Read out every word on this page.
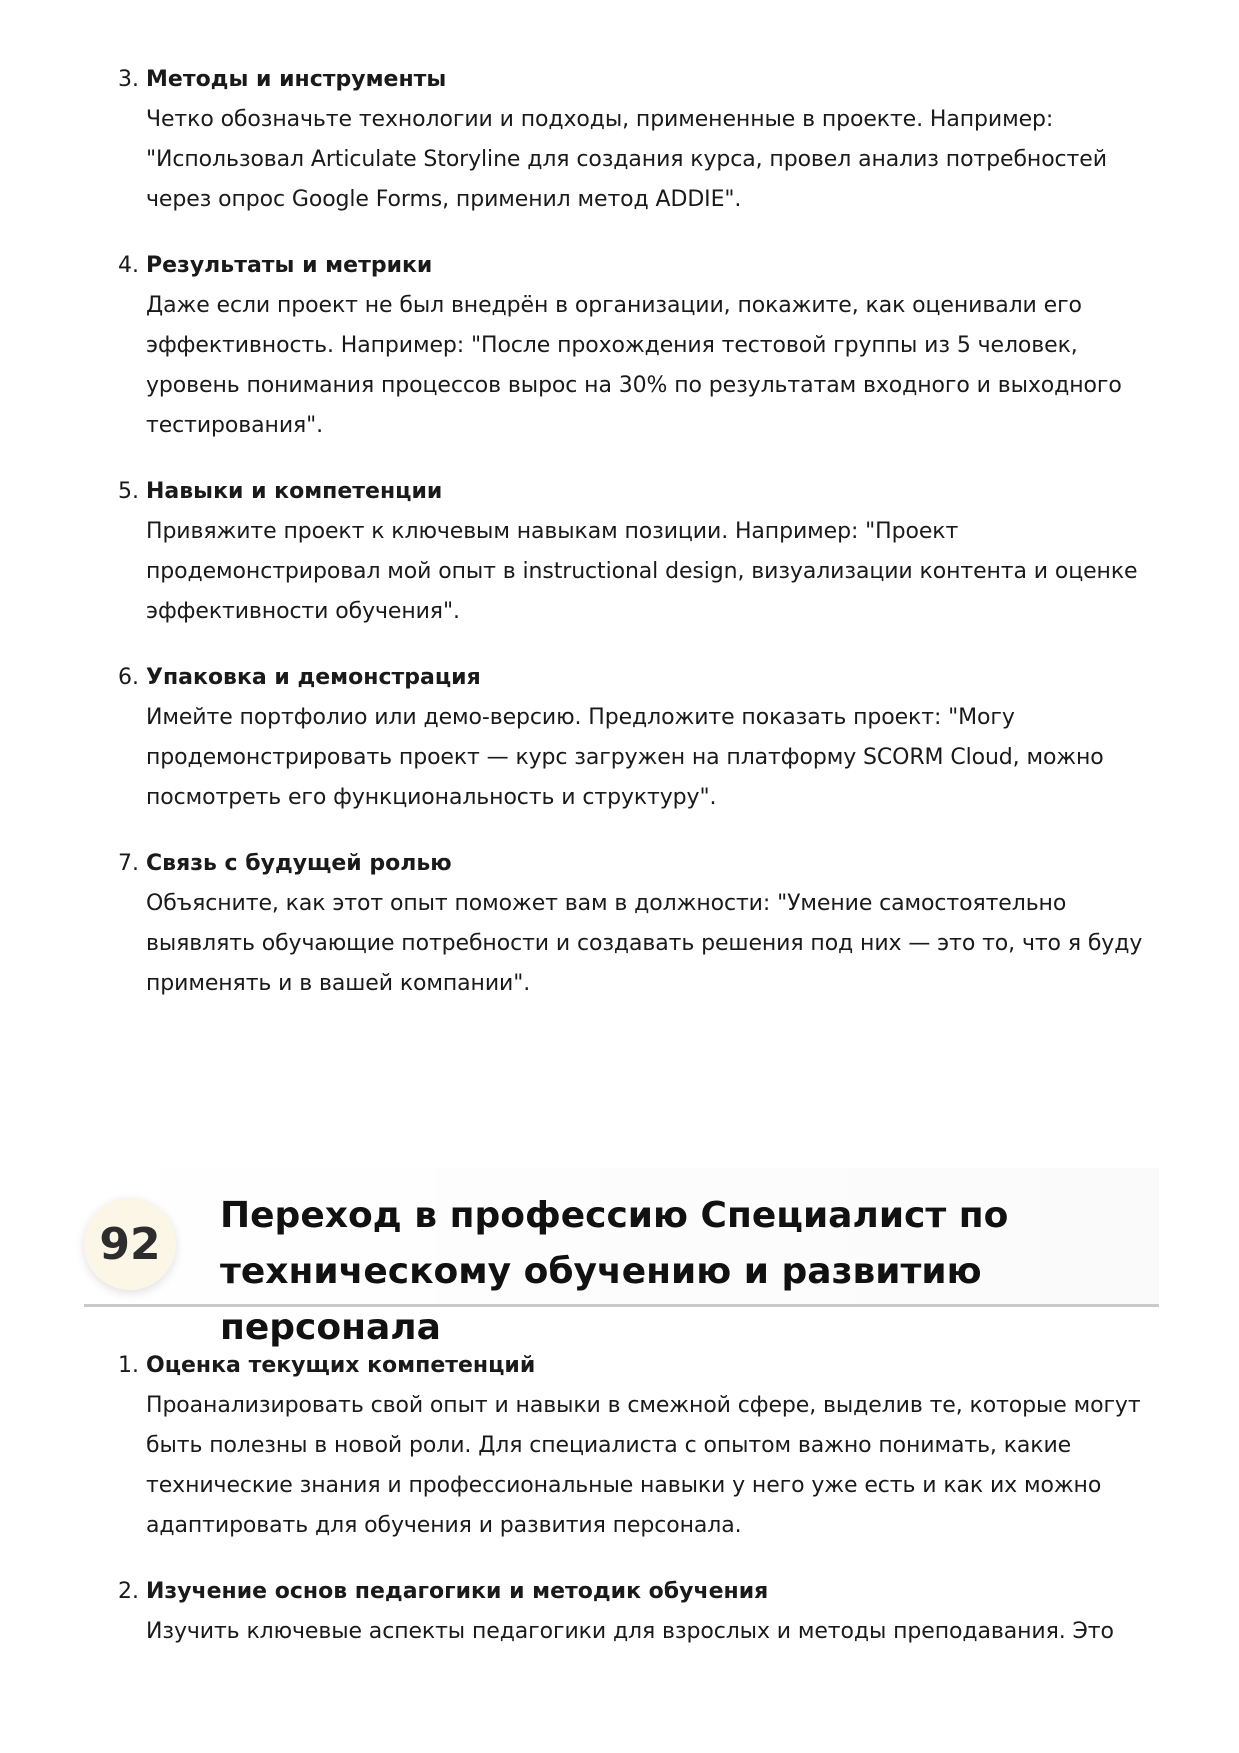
3. Методы и инструменты

Четко обозначьте технологии и подходы, примененные в проекте. Например:

"Использовал Articulate Storyline для создания курса, провел анализ потребностей

через опрос Google Forms, применил метод ADDIE".

4. Результаты и метрики

Даже если проект не был внедрён в организации, покажите, как оценивали его

эффективность. Например: "После прохождения тестовой группы из 5 человек,

уровень понимания процессов вырос на 30% по результатам входного и выходного

тестирования".

5. Навыки и компетенции

Привяжите проект к ключевым навыкам позиции. Например: "Проект

продемонстрировал мой опыт в instructional design, визуализации контента и оценке

эффективности обучения".

6. Упаковка и демонстрация

Имейте портфолио или демо-версию. Предложите показать проект: "Могу

продемонстрировать проект — курс загружен на платформу SCORM Cloud, можно

посмотреть его функциональность и структуру".

7. Связь с будущей ролью

Объясните, как этот опыт поможет вам в должности: "Умение самостоятельно

выявлять обучающие потребности и создавать решения под них — это то, что я буду

применять и в вашей компании".

92
Переход в профессию Специалист по
техническому обучению и развитию персонала
1. Оценка текущих компетенций

Проанализировать свой опыт и навыки в смежной сфере, выделив те, которые могут

быть полезны в новой роли. Для специалиста с опытом важно понимать, какие

технические знания и профессиональные навыки у него уже есть и как их можно

адаптировать для обучения и развития персонала.

2. Изучение основ педагогики и методик обучения

Изучить ключевые аспекты педагогики для взрослых и методы преподавания. Это
